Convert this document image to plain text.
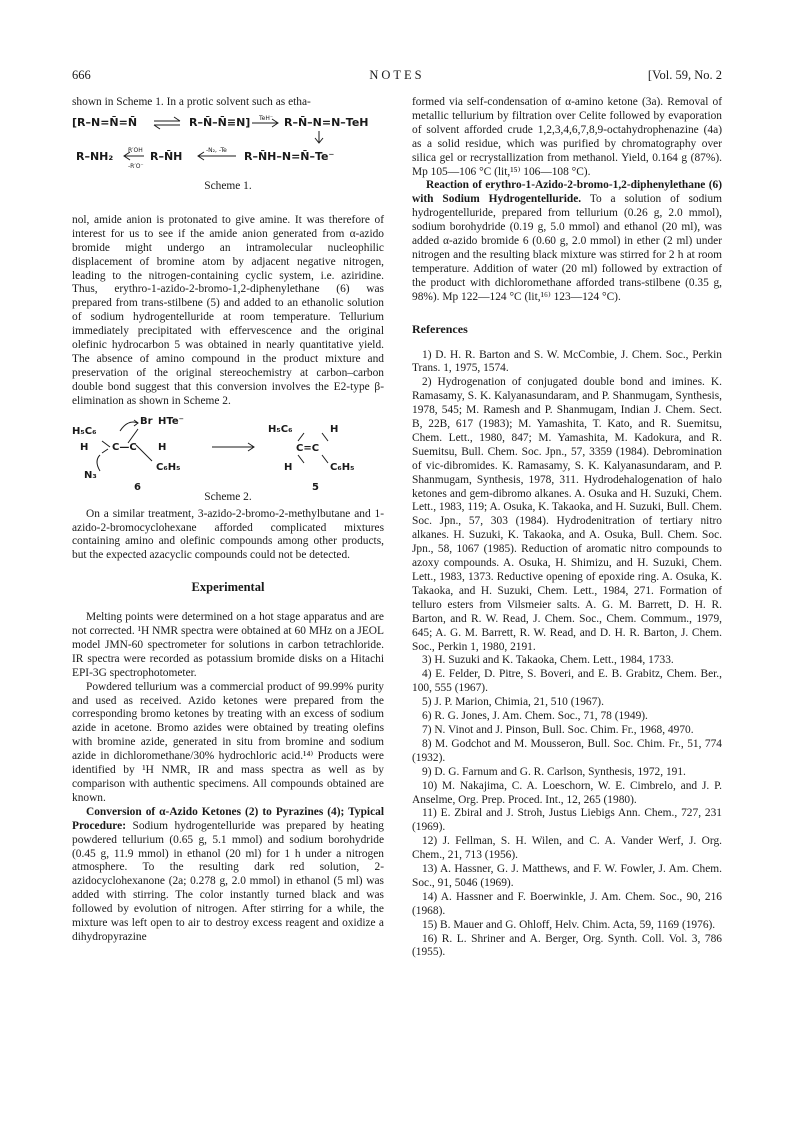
666	NOTES	[Vol. 59, No. 2

shown in Scheme 1. In a protic solvent such as etha-

[R–N=N̄=N̄	R–N̄–N̄≡N] TeH⁻ R–N̄–N=N–TeH
R–NH₂ R′OH
-R′O⁻
R–N̄H	-N₂, -Te R–N̄H–N=N̄–Te⁻
Scheme 1.

nol, amide anion is protonated to give amine. It was therefore of interest for us to see if the amide anion generated from α-azido bromide might undergo an intramolecular nucleophilic displacement of bromine atom by adjacent negative nitrogen, leading to the nitrogen-containing cyclic system, i.e. aziridine. Thus, erythro-1-azido-2-bromo-1,2-diphenylethane (6) was prepared from trans-stilbene (5) and added to an ethanolic solution of sodium hydrogentelluride at room temperature. Tellurium immediately precipitated with effervescence and the original olefinic hydrocarbon 5 was obtained in nearly quantitative yield. The absence of amino compound in the product mixture and preservation of the original stereochemistry at carbon–carbon double bond suggest that this conversion involves the E2-type β-elimination as shown in Scheme 2.

H₅C₆
Br HTe⁻
H C—C H
N₃
C₆H₅
6
H₅C₆	H
C=C
H	C₆H₅
5
Scheme 2.

On a similar treatment, 3-azido-2-bromo-2-methylbutane and 1-azido-2-bromocyclohexane afforded complicated mixtures containing amino and olefinic compounds among other products, but the expected azacyclic compounds could not be detected.

Experimental

Melting points were determined on a hot stage apparatus and are not corrected. ¹H NMR spectra were obtained at 60 MHz on a JEOL model JMN-60 spectrometer for solutions in carbon tetrachloride. IR spectra were recorded as potassium bromide disks on a Hitachi EPI-3G spectrophotometer.

Powdered tellurium was a commercial product of 99.99% purity and used as received. Azido ketones were prepared from the corresponding bromo ketones by treating with an excess of sodium azide in acetone. Bromo azides were obtained by treating olefins with bromine azide, generated in situ from bromine and sodium azide in dichloromethane/30% hydrochloric acid.¹⁴⁾ Products were identified by ¹H NMR, IR and mass spectra as well as by comparison with authentic specimens. All compounds obtained are known.

Conversion of α-Azido Ketones (2) to Pyrazines (4); Typical Procedure: Sodium hydrogentelluride was prepared by heating powdered tellurium (0.65 g, 5.1 mmol) and sodium borohydride (0.45 g, 11.9 mmol) in ethanol (20 ml) for 1 h under a nitrogen atmosphere. To the resulting dark red solution, 2-azidocyclohexanone (2a; 0.278 g, 2.0 mmol) in ethanol (5 ml) was added with stirring. The color instantly turned black and was followed by evolution of nitrogen. After stirring for a while, the mixture was left open to air to destroy excess reagent and oxidize a dihydropyrazine

formed via self-condensation of α-amino ketone (3a). Removal of metallic tellurium by filtration over Celite followed by evaporation of solvent afforded crude 1,2,3,4,6,7,8,9-octahydrophenazine (4a) as a solid residue, which was purified by chromatography over silica gel or recrystallization from methanol. Yield, 0.164 g (87%). Mp 105—106 °C (lit,¹⁵⁾ 106—108 °C).

Reaction of erythro-1-Azido-2-bromo-1,2-diphenylethane (6) with Sodium Hydrogentelluride. To a solution of sodium hydrogentelluride, prepared from tellurium (0.26 g, 2.0 mmol), sodium borohydride (0.19 g, 5.0 mmol) and ethanol (20 ml), was added α-azido bromide 6 (0.60 g, 2.0 mmol) in ether (2 ml) under nitrogen and the resulting black mixture was stirred for 2 h at room temperature. Addition of water (20 ml) followed by extraction of the product with dichloromethane afforded trans-stilbene (0.35 g, 98%). Mp 122—124 °C (lit,¹⁶⁾ 123—124 °C).

References

1) D. H. R. Barton and S. W. McCombie, J. Chem. Soc., Perkin Trans. 1, 1975, 1574.

2) Hydrogenation of conjugated double bond and imines. K. Ramasamy, S. K. Kalyanasundaram, and P. Shanmugam, Synthesis, 1978, 545; M. Ramesh and P. Shanmugam, Indian J. Chem. Sect. B, 22B, 617 (1983); M. Yamashita, T. Kato, and R. Suemitsu, Chem. Lett., 1980, 847; M. Yamashita, M. Kadokura, and R. Suemitsu, Bull. Chem. Soc. Jpn., 57, 3359 (1984). Debromination of vic-dibromides. K. Ramasamy, S. K. Kalyanasundaram, and P. Shanmugam, Synthesis, 1978, 311. Hydrodehalogenation of halo ketones and gem-dibromo alkanes. A. Osuka and H. Suzuki, Chem. Lett., 1983, 119; A. Osuka, K. Takaoka, and H. Suzuki, Bull. Chem. Soc. Jpn., 57, 303 (1984). Hydrodenitration of tertiary nitro alkanes. H. Suzuki, K. Takaoka, and A. Osuka, Bull. Chem. Soc. Jpn., 58, 1067 (1985). Reduction of aromatic nitro compounds to azoxy compounds. A. Osuka, H. Shimizu, and H. Suzuki, Chem. Lett., 1983, 1373. Reductive opening of epoxide ring. A. Osuka, K. Takaoka, and H. Suzuki, Chem. Lett., 1984, 271. Formation of telluro esters from Vilsmeier salts. A. G. M. Barrett, D. H. R. Barton, and R. W. Read, J. Chem. Soc., Chem. Commum., 1979, 645; A. G. M. Barrett, R. W. Read, and D. H. R. Barton, J. Chem. Soc., Perkin 1, 1980, 2191.

3) H. Suzuki and K. Takaoka, Chem. Lett., 1984, 1733.

4) E. Felder, D. Pitre, S. Boveri, and E. B. Grabitz, Chem. Ber., 100, 555 (1967).

5) J. P. Marion, Chimia, 21, 510 (1967).

6) R. G. Jones, J. Am. Chem. Soc., 71, 78 (1949).

7) N. Vinot and J. Pinson, Bull. Soc. Chim. Fr., 1968, 4970.

8) M. Godchot and M. Mousseron, Bull. Soc. Chim. Fr., 51, 774 (1932).

9) D. G. Farnum and G. R. Carlson, Synthesis, 1972, 191.

10) M. Nakajima, C. A. Loeschorn, W. E. Cimbrelo, and J. P. Anselme, Org. Prep. Proced. Int., 12, 265 (1980).

11) E. Zbiral and J. Stroh, Justus Liebigs Ann. Chem., 727, 231 (1969).

12) J. Fellman, S. H. Wilen, and C. A. Vander Werf, J. Org. Chem., 21, 713 (1956).

13) A. Hassner, G. J. Matthews, and F. W. Fowler, J. Am. Chem. Soc., 91, 5046 (1969).

14) A. Hassner and F. Boerwinkle, J. Am. Chem. Soc., 90, 216 (1968).

15) B. Mauer and G. Ohloff, Helv. Chim. Acta, 59, 1169 (1976).

16) R. L. Shriner and A. Berger, Org. Synth. Coll. Vol. 3, 786 (1955).
